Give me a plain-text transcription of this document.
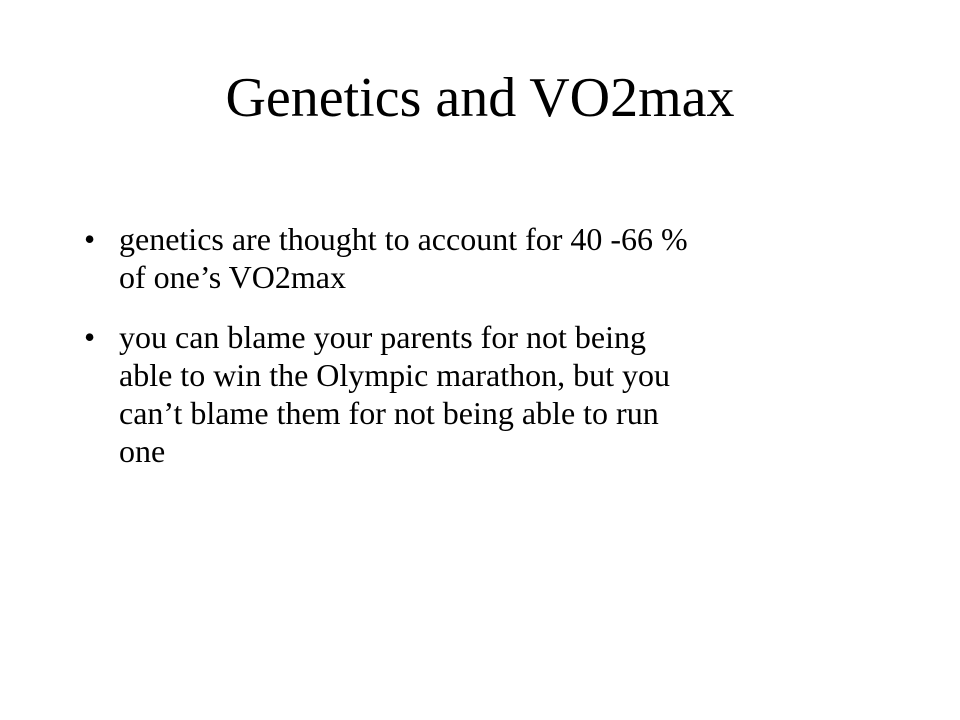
Genetics and VO2max
• genetics are thought to account for 40 -66 %
of one’s VO2max
• you can blame your parents for not being
able to win the Olympic marathon, but you
can’t blame them for not being able to run
one
